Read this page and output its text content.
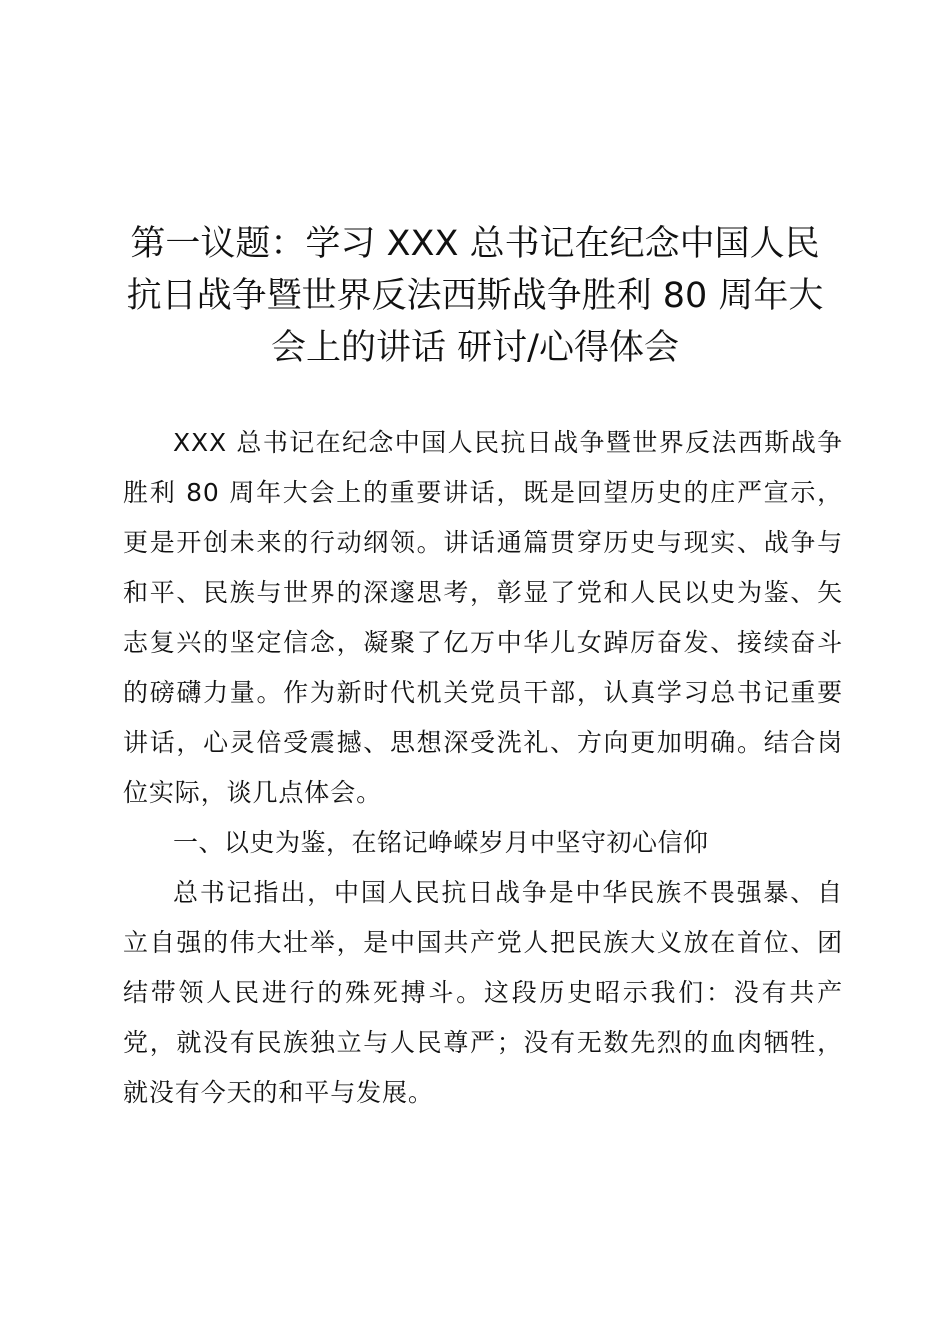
第一议题：学习 XXX 总书记在纪念中国人民
抗日战争暨世界反法西斯战争胜利 80 周年大
会上的讲话 研讨/心得体会

XXX 总书记在纪念中国人民抗日战争暨世界反法西斯战争胜利 80 周年大会上的重要讲话，既是回望历史的庄严宣示，更是开创未来的行动纲领。讲话通篇贯穿历史与现实、战争与和平、民族与世界的深邃思考，彰显了党和人民以史为鉴、矢志复兴的坚定信念，凝聚了亿万中华儿女踔厉奋发、接续奋斗的磅礴力量。作为新时代机关党员干部，认真学习总书记重要讲话，心灵倍受震撼、思想深受洗礼、方向更加明确。结合岗位实际，谈几点体会。

一、以史为鉴，在铭记峥嵘岁月中坚守初心信仰

总书记指出，中国人民抗日战争是中华民族不畏强暴、自立自强的伟大壮举，是中国共产党人把民族大义放在首位、团结带领人民进行的殊死搏斗。这段历史昭示我们：没有共产党，就没有民族独立与人民尊严；没有无数先烈的血肉牺牲，就没有今天的和平与发展。
